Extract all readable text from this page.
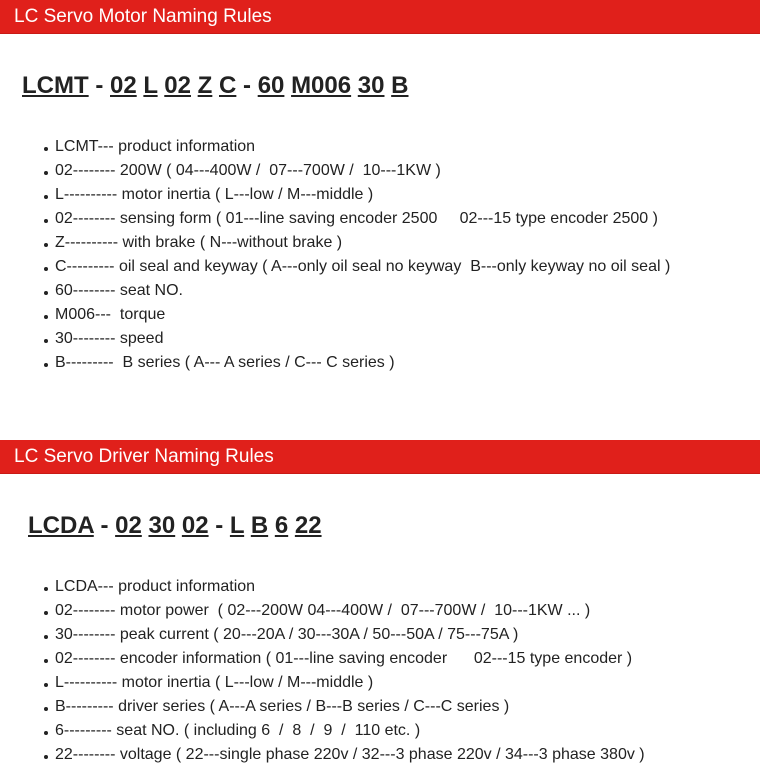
LC Servo Motor Naming Rules
LCMT - 02 L 02 Z C - 60 M006 30 B
LCMT--- product information
02-------- 200W ( 04---400W /  07---700W /  10---1KW )
L---------- motor inertia ( L---low / M---middle )
02-------- sensing form ( 01---line saving encoder 2500     02---15 type encoder 2500 )
Z---------- with brake ( N---without brake )
C--------- oil seal and keyway ( A---only oil seal no keyway  B---only keyway no oil seal )
60-------- seat NO.
M006---  torque
30-------- speed
B---------  B series ( A--- A series / C--- C series )
LC Servo Driver Naming Rules
LCDA - 02 30 02 - L B 6 22
LCDA--- product information
02-------- motor power  ( 02---200W 04---400W /  07---700W /  10---1KW ... )
30-------- peak current ( 20---20A / 30---30A / 50---50A / 75---75A )
02-------- encoder information ( 01---line saving encoder      02---15 type encoder )
L---------- motor inertia ( L---low / M---middle )
B--------- driver series ( A---A series / B---B series / C---C series )
6--------- seat NO. ( including 6  /  8  /  9  /  110 etc. )
22-------- voltage ( 22---single phase 220v / 32---3 phase 220v / 34---3 phase 380v )
